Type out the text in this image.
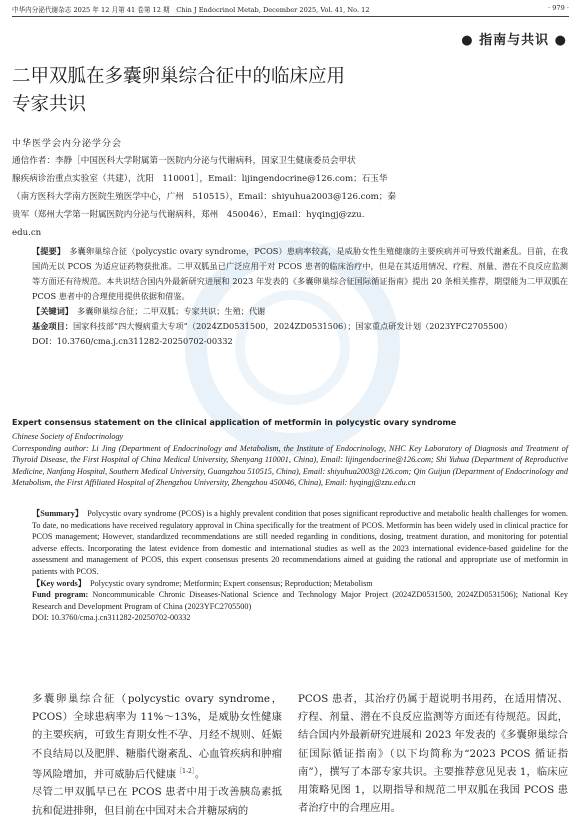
中华内分泌代谢杂志 2025 年 12 月第 41 卷第 12 期　Chin J Endocrinol Metab, December 2025, Vol. 41, No. 12	· 979 ·
● 指南与共识 ●
二甲双胍在多囊卵巢综合征中的临床应用
专家共识
中华医学会内分泌学分会
通信作者：李静［中国医科大学附属第一医院内分泌与代谢病科，国家卫生健康委员会甲状
腺疾病诊治重点实验室（共建），沈阳　110001］，Email：lijingendocrine@126.com；石玉华
（南方医科大学南方医院生殖医学中心，广州　510515），Email：shiyuhua2003@126.com；秦
贵军（郑州大学第一附属医院内分泌与代谢病科，郑州　450046），Email：hyqingj@zzu.
edu.cn
【提要】　 多囊卵巢综合征（polycystic ovary syndrome，PCOS）患病率较高，是威胁女性生殖健康的主要疾病并可导致代谢紊乱。目前，在我国尚无以 PCOS 为适应证药物获批准。二甲双胍虽已广泛应用于对 PCOS 患者的临床治疗中，但是在其适用情况、疗程、剂量、潜在不良反应监测等方面还有待规范。本共识结合国内外最新研究进展和 2023 年发表的《多囊卵巢综合征国际循证指南》提出 20 条相关推荐，期望能为二甲双胍在 PCOS 患者中的合理使用提供依据和借鉴。
【关键词】　 多囊卵巢综合征；二甲双胍；专家共识；生殖；代谢
基金项目：国家科技部“四大慢病重大专项”（2024ZD0531500，2024ZD0531506）；国家重点研发计划（2023YFC2705500）
DOI：10.3760/cma.j.cn311282-20250702-00332
Expert consensus statement on the clinical application of metformin in polycystic ovary syndrome
Chinese Society of Endocrinology
Corresponding author: Li Jing (Department of Endocrinology and Metabolism, the Institute of Endocrinology, NHC Key Laboratory of Diagnosis and Treatment of Thyroid Disease, the First Hospital of China Medical University, Shenyang 110001, China), Email: lijingendocrine@126.com; Shi Yuhua (Department of Reproductive Medicine, Nanfang Hospital, Southern Medical University, Guangzhou 510515, China), Email: shiyuhua2003@126.com; Qin Guijun (Department of Endocrinology and Metabolism, the First Affiliated Hospital of Zhengzhou University, Zhengzhou 450046, China), Email: hyqingj@zzu.edu.cn
【Summary】　 Polycystic ovary syndrome (PCOS) is a highly prevalent condition that poses significant reproductive and metabolic health challenges for women. To date, no medications have received regulatory approval in China specifically for the treatment of PCOS. Metformin has been widely used in clinical practice for PCOS management; However, standardized recommendations are still needed regarding in conditions, dosing, treatment duration, and monitoring for potential adverse effects. Incorporating the latest evidence from domestic and international studies as well as the 2023 international evidence-based guideline for the assessment and management of PCOS, this expert consensus presents 20 recommendations aimed at guiding the rational and appropriate use of metformin in patients with PCOS.
【Key words】　 Polycystic ovary syndrome; Metformin; Expert consensus; Reproduction; Metabolism
Fund program: Noncommunicable Chronic Diseases-National Science and Technology Major Project (2024ZD0531500, 2024ZD0531506); National Key Research and Development Program of China (2023YFC2705500)
DOI: 10.3760/cma.j.cn311282-20250702-00332
多囊卵巢综合征（polycystic ovary syndrome，PCOS）全球患病率为 11%～13%，是威胁女性健康的主要疾病，可致生育期女性不孕、月经不规则、妊娠不良结局以及肥胖、糖脂代谢紊乱、心血管疾病和肿瘤等风险增加，并可威胁后代健康$^{[1-2]}$。
尽管二甲双胍早已在 PCOS 患者中用于改善胰岛素抵抗和促进排卵，但目前在中国对未合并糖尿病的
PCOS 患者，其治疗仍属于超说明书用药，在适用情况、疗程、剂量、潜在不良反应监测等方面还有待规范。因此，结合国内外最新研究进展和 2023 年发表的《多囊卵巢综合征国际循证指南》（以下均简称为“2023 PCOS 循证指南”），撰写了本部专家共识。主要推荐意见见表 1，临床应用策略见图 1，以期指导和规范二甲双胍在我国 PCOS 患者治疗中的合理应用。
